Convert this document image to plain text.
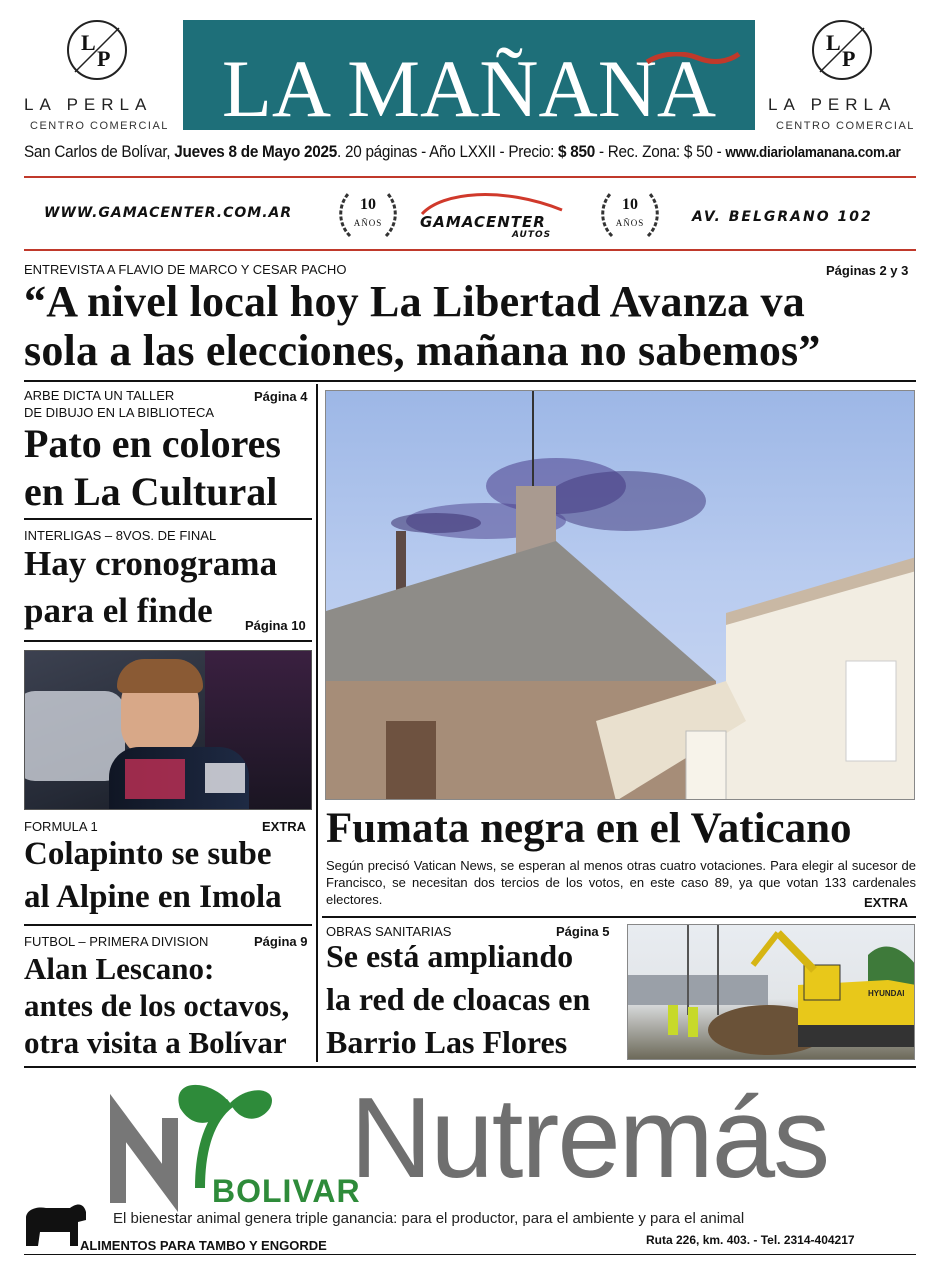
L
P
LA PERLA
CENTRO COMERCIAL LA MAÑANA
L
P
LA PERLA
CENTRO COMERCIAL
San Carlos de Bolívar, Jueves 8 de Mayo 2025. 20 páginas - Año LXXII - Precio: $ 850 - Rec. Zona: $ 50 - www.diariolamanana.com.ar
WWW.GAMACENTER.COM.AR	10
AÑOS	GAMACENTER
AUTOS
10
AÑOS	AV. BELGRANO 102
ENTREVISTA A FLAVIO DE MARCO Y CESAR PACHO	Páginas 2 y 3
“A nivel local hoy La Libertad Avanza va
sola a las elecciones, mañana no sabemos”
ARBE DICTA UN TALLER
DE DIBUJO EN LA BIBLIOTECA
Página 4
Pato en colores
en La Cultural
INTERLIGAS – 8VOS. DE FINAL
Hay cronograma
para el finde Página 10
FORMULA 1	EXTRA
Colapinto se sube
al Alpine en Imola
FUTBOL – PRIMERA DIVISION	Página 9
Alan Lescano:
antes de los octavos,
otra visita a Bolívar
Fumata negra en el Vaticano
Según precisó Vatican News, se esperan al menos otras cuatro votaciones. Para elegir al sucesor de Francisco, se necesitan dos tercios de los votos, en este caso 89, ya que votan 133 cardenales electores.	EXTRA
OBRAS SANITARIAS	Página 5
Se está ampliando
la red de cloacas en
Barrio Las Flores
HYUNDAI
BOLIVAR
Nutremás
El bienestar animal genera triple ganancia: para el productor, para el ambiente y para el animal
ALIMENTOS PARA TAMBO Y ENGORDE	Ruta 226, km. 403. - Tel. 2314-404217
